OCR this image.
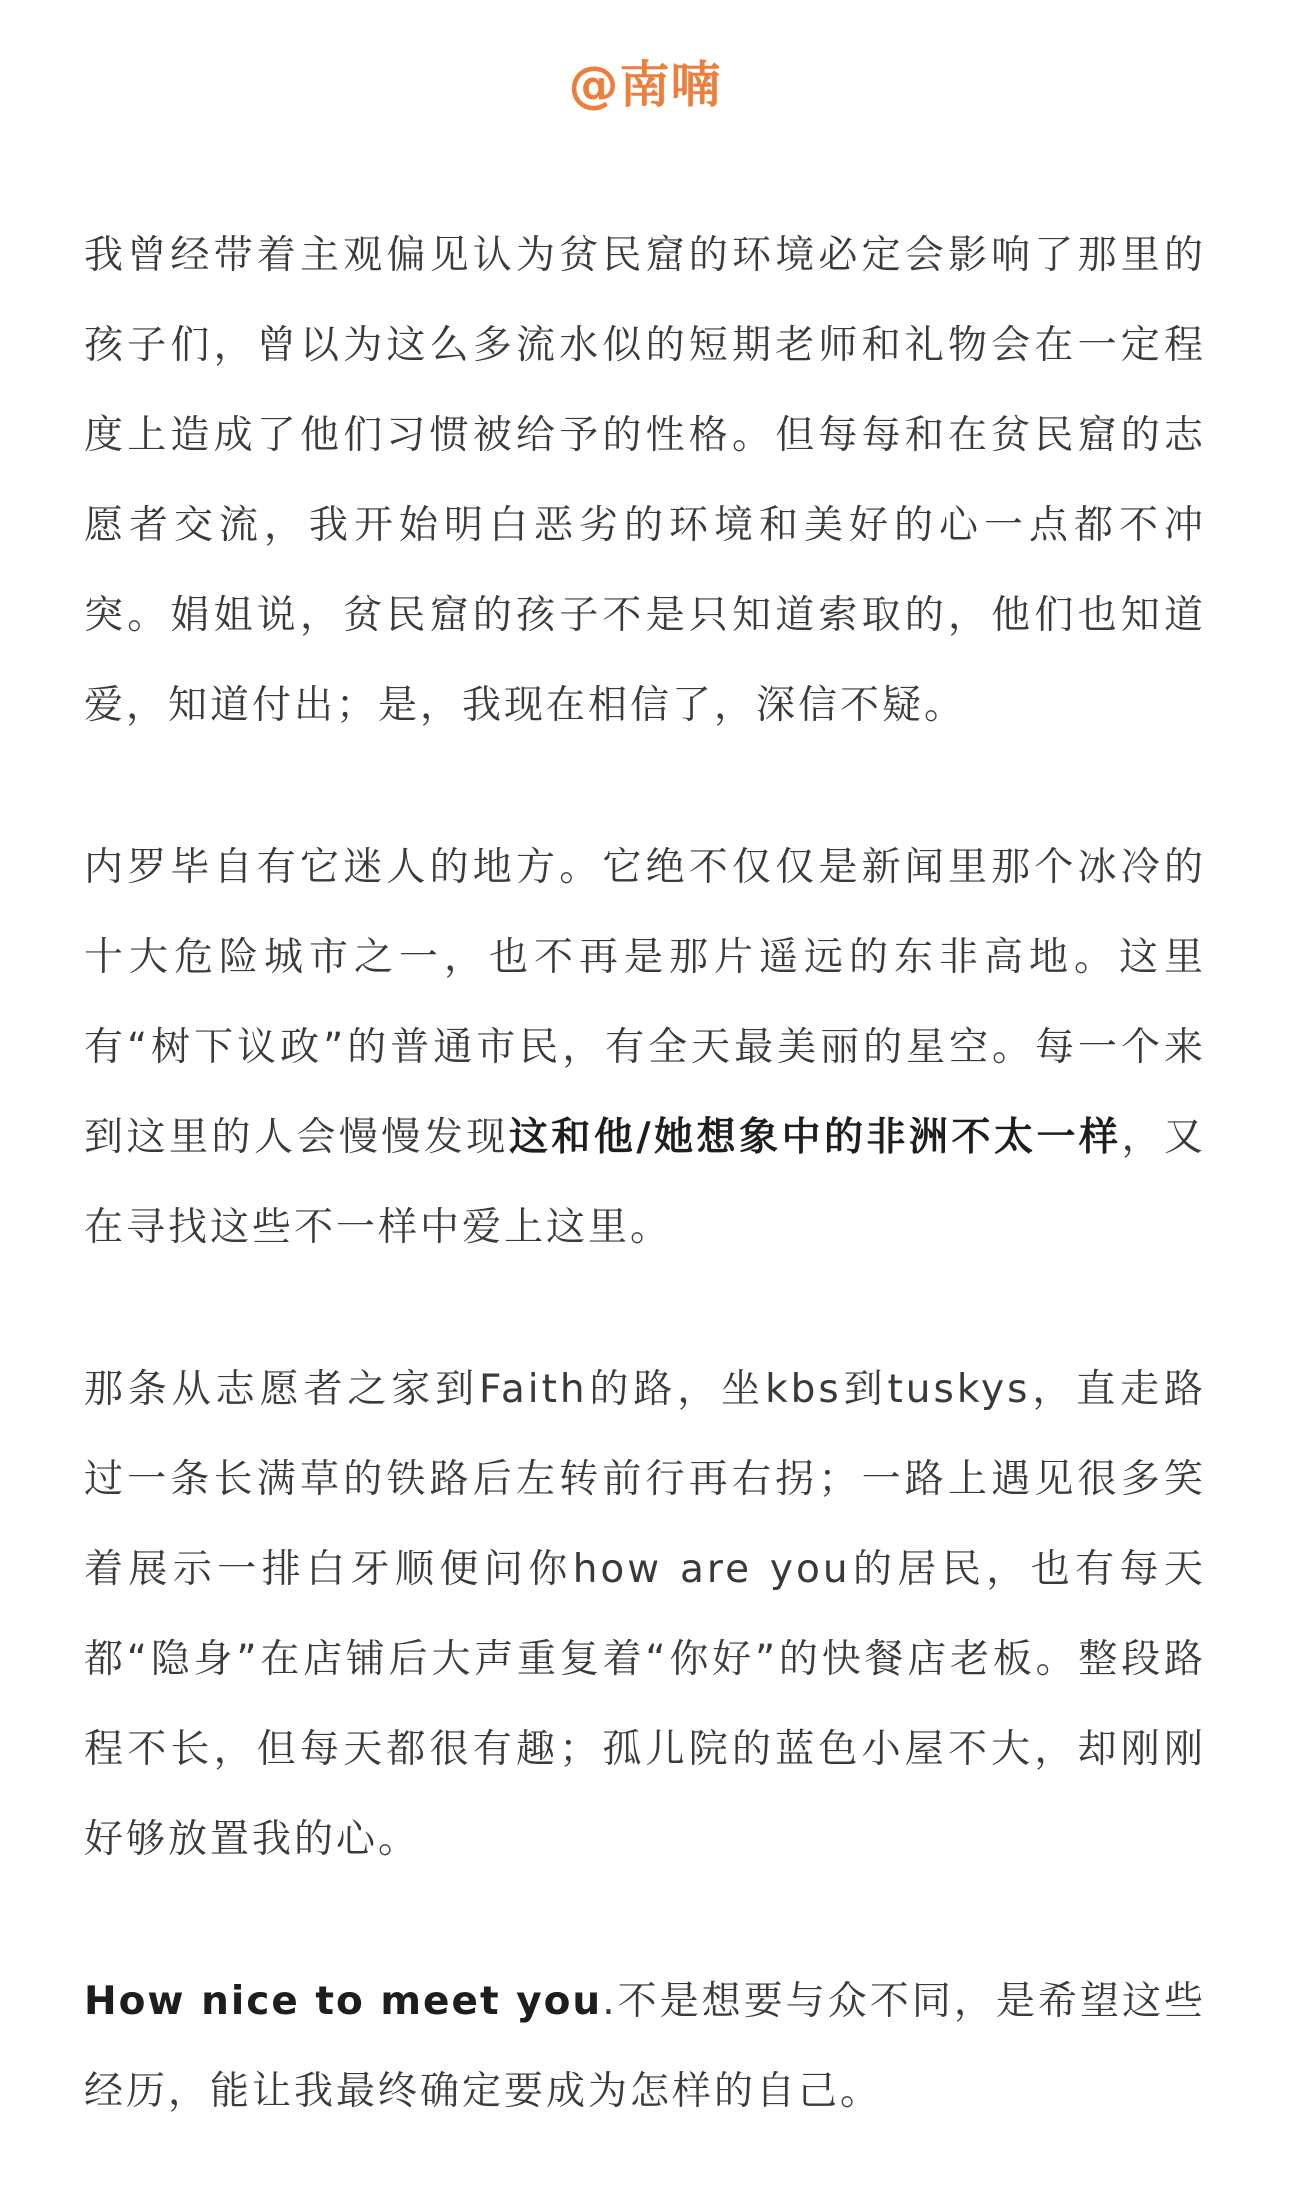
@南喃

我曾经带着主观偏见认为贫民窟的环境必定会影响了那里的孩子们，曾以为这么多流水似的短期老师和礼物会在一定程度上造成了他们习惯被给予的性格。但每每和在贫民窟的志愿者交流，我开始明白恶劣的环境和美好的心一点都不冲突。娟姐说，贫民窟的孩子不是只知道索取的，他们也知道爱，知道付出；是，我现在相信了，深信不疑。

内罗毕自有它迷人的地方。它绝不仅仅是新闻里那个冰冷的十大危险城市之一，也不再是那片遥远的东非高地。这里有“树下议政”的普通市民，有全天最美丽的星空。每一个来到这里的人会慢慢发现这和他/她想象中的非洲不太一样，又在寻找这些不一样中爱上这里。

那条从志愿者之家到Faith的路，坐kbs到tuskys，直走路过一条长满草的铁路后左转前行再右拐；一路上遇见很多笑着展示一排白牙顺便问你how are you的居民，也有每天都“隐身”在店铺后大声重复着“你好”的快餐店老板。整段路程不长，但每天都很有趣；孤儿院的蓝色小屋不大，却刚刚好够放置我的心。

How nice to meet you.不是想要与众不同，是希望这些经历，能让我最终确定要成为怎样的自己。
